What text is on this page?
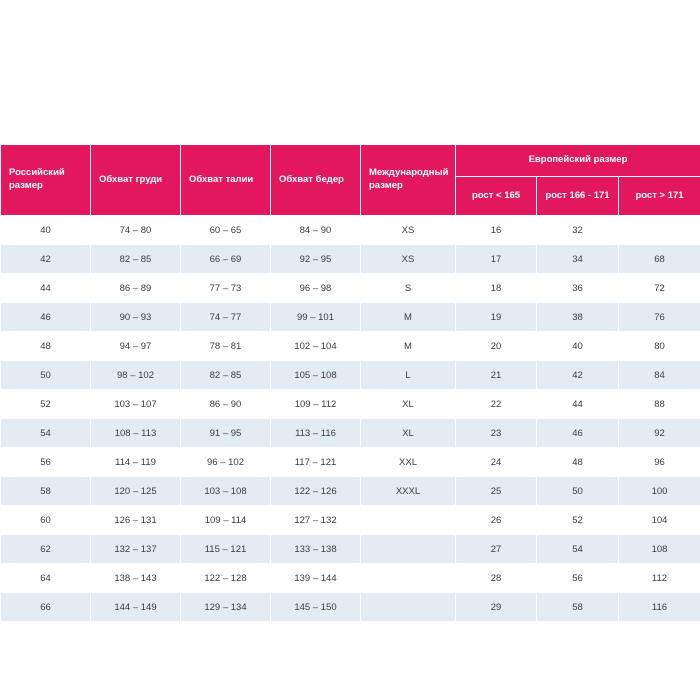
Российский размер	Обхват груди	Обхват талии	Обхват бедер	Международный размер	Европейский размер		
					рост < 165	рост 166 - 171	рост > 171
40	74 – 80	60 – 65	84 – 90	XS	16	32	
42	82 – 85	66 – 69	92 – 95	XS	17	34	68
44	86 – 89	77 – 73	96 – 98	S	18	36	72
46	90 – 93	74 – 77	99 – 101	M	19	38	76
48	94 – 97	78 – 81	102 – 104	M	20	40	80
50	98 – 102	82 – 85	105 – 108	L	21	42	84
52	103 – 107	86 – 90	109 – 112	XL	22	44	88
54	108 – 113	91 – 95	113 – 116	XL	23	46	92
56	114 – 119	96 – 102	117 – 121	XXL	24	48	96
58	120 – 125	103 – 108	122 – 126	XXXL	25	50	100
60	126 – 131	109 – 114	127 – 132		26	52	104
62	132 – 137	115 – 121	133 – 138		27	54	108
64	138 – 143	122 – 128	139 – 144		28	56	112
66	144 – 149	129 – 134	145 – 150		29	58	116
